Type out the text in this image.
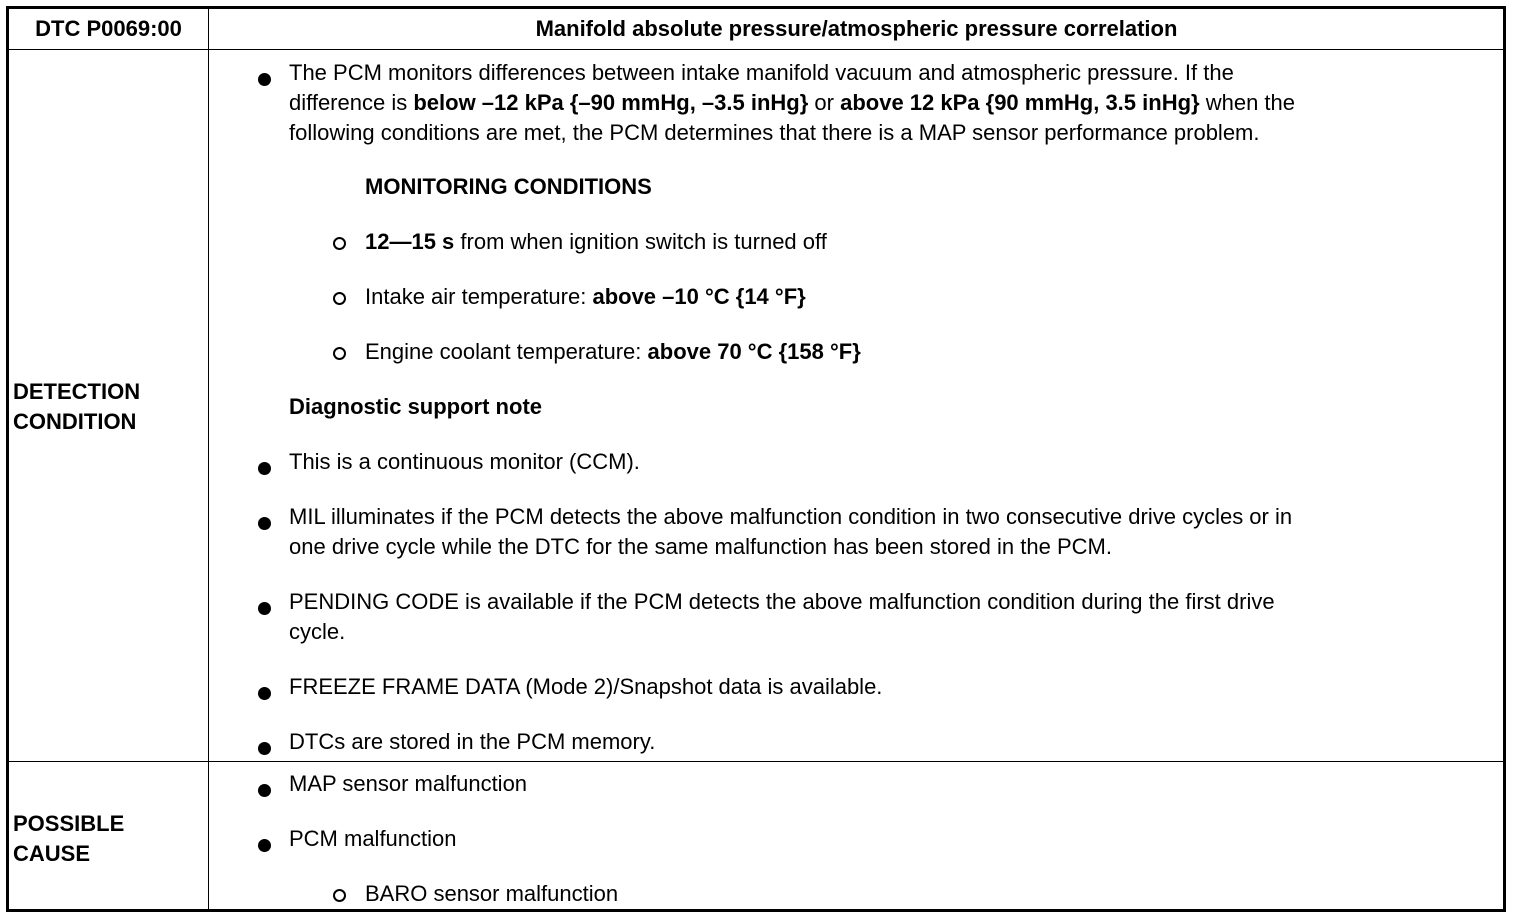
DTC P0069:00	Manifold absolute pressure/atmospheric pressure correlation
DETECTION
CONDITION
The PCM monitors differences between intake manifold vacuum and atmospheric pressure. If the
difference is below –12 kPa {–90 mmHg, –3.5 inHg} or above 12 kPa {90 mmHg, 3.5 inHg} when the
following conditions are met, the PCM determines that there is a MAP sensor performance problem.
MONITORING CONDITIONS
12—15 s from when ignition switch is turned off
Intake air temperature: above –10 °C {14 °F}
Engine coolant temperature: above 70 °C {158 °F}
Diagnostic support note
This is a continuous monitor (CCM).
MIL illuminates if the PCM detects the above malfunction condition in two consecutive drive cycles or in
one drive cycle while the DTC for the same malfunction has been stored in the PCM.
PENDING CODE is available if the PCM detects the above malfunction condition during the first drive
cycle.
FREEZE FRAME DATA (Mode 2)/Snapshot data is available.
DTCs are stored in the PCM memory.
POSSIBLE
CAUSE
MAP sensor malfunction
PCM malfunction
BARO sensor malfunction
